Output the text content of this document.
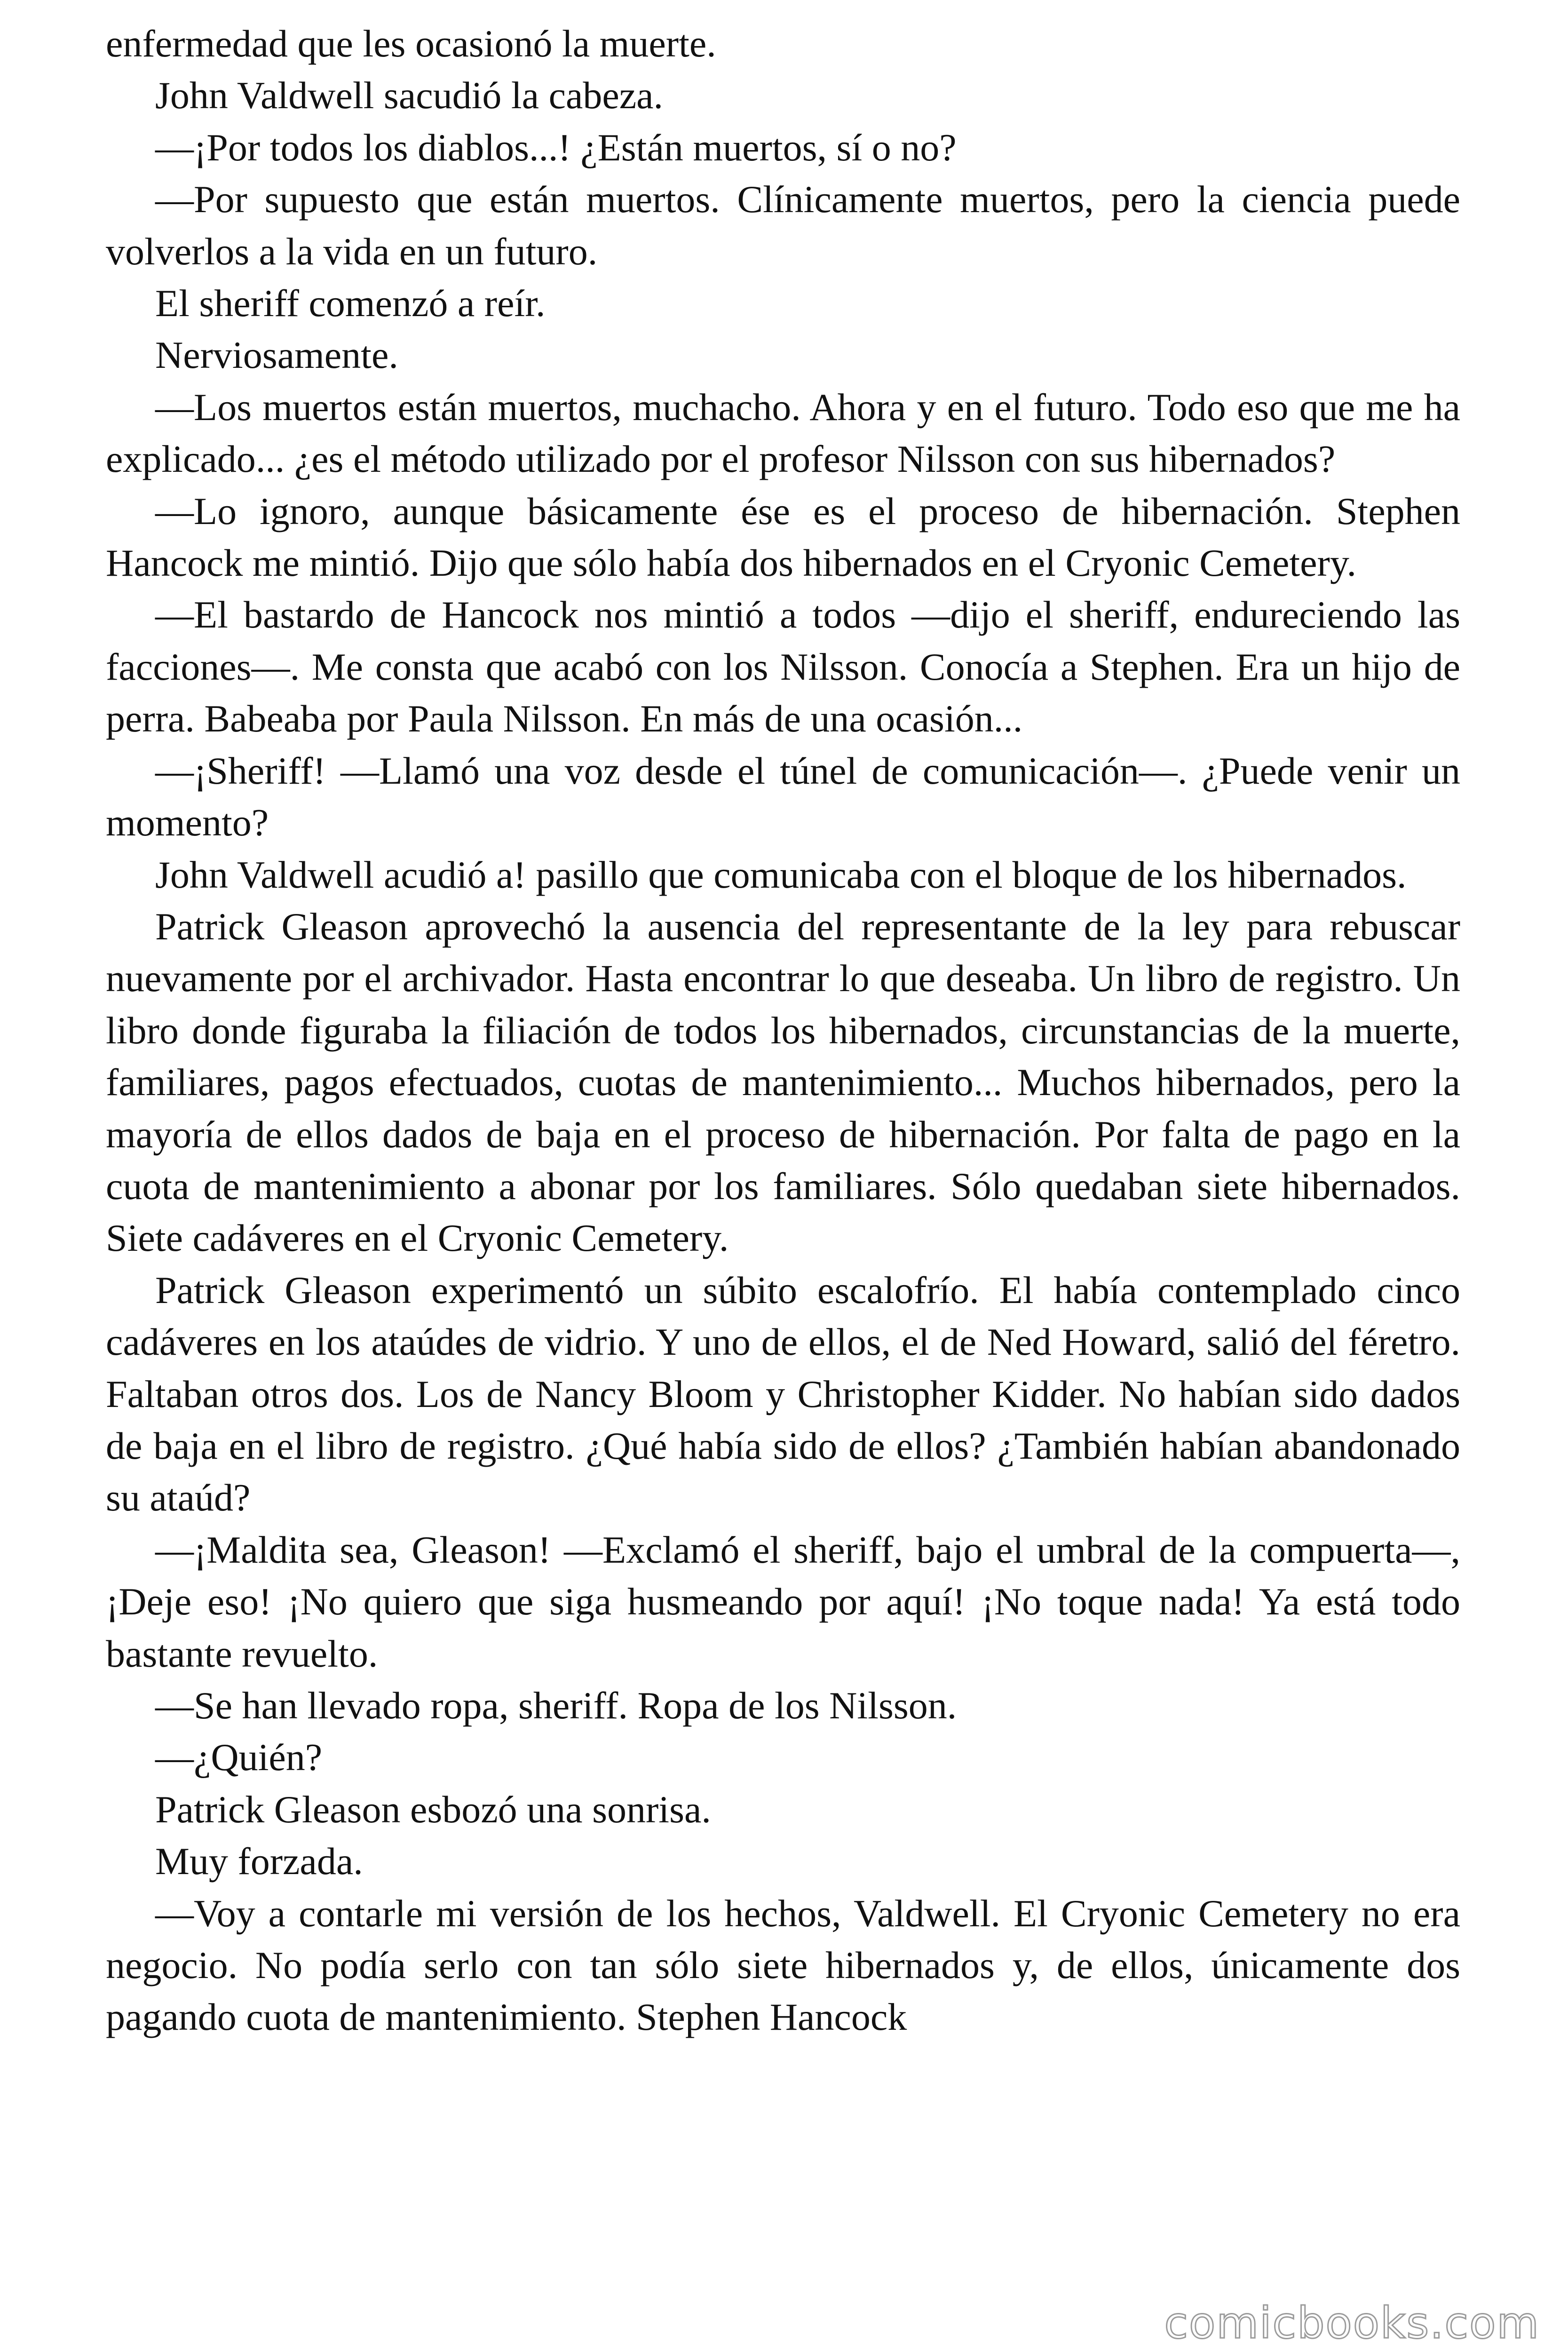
enfermedad que les ocasionó la muerte.

John Valdwell sacudió la cabeza.

—¡Por todos los diablos...! ¿Están muertos, sí o no?

—Por supuesto que están muertos. Clínicamente muertos, pero la ciencia puede volverlos a la vida en un futuro.

El sheriff comenzó a reír.

Nerviosamente.

—Los muertos están muertos, muchacho. Ahora y en el futuro. Todo eso que me ha explicado... ¿es el método utilizado por el profesor Nilsson con sus hibernados?

—Lo ignoro, aunque básicamente ése es el proceso de hibernación. Stephen Hancock me mintió. Dijo que sólo había dos hibernados en el Cryonic Cemetery.

—El bastardo de Hancock nos mintió a todos —dijo el sheriff, endureciendo las facciones—. Me consta que acabó con los Nilsson. Conocía a Stephen. Era un hijo de perra. Babeaba por Paula Nilsson. En más de una ocasión...

—¡Sheriff! —Llamó una voz desde el túnel de comunicación—. ¿Puede venir un momento?

John Valdwell acudió a! pasillo que comunicaba con el bloque de los hibernados.

Patrick Gleason aprovechó la ausencia del representante de la ley para rebuscar nuevamente por el archivador. Hasta encontrar lo que deseaba. Un libro de registro. Un libro donde figuraba la filiación de todos los hibernados, circunstancias de la muerte, familiares, pagos efectuados, cuotas de mantenimiento... Muchos hibernados, pero la mayoría de ellos dados de baja en el proceso de hibernación. Por falta de pago en la cuota de mantenimiento a abonar por los familiares. Sólo quedaban siete hibernados. Siete cadáveres en el Cryonic Cemetery.

Patrick Gleason experimentó un súbito escalofrío. El había contemplado cinco cadáveres en los ataúdes de vidrio. Y uno de ellos, el de Ned Howard, salió del féretro. Faltaban otros dos. Los de Nancy Bloom y Christopher Kidder. No habían sido dados de baja en el libro de registro. ¿Qué había sido de ellos? ¿También habían abandonado su ataúd?

—¡Maldita sea, Gleason! —Exclamó el sheriff, bajo el umbral de la compuerta—, ¡Deje eso! ¡No quiero que siga husmeando por aquí! ¡No toque nada! Ya está todo bastante revuelto.

—Se han llevado ropa, sheriff. Ropa de los Nilsson.

—¿Quién?

Patrick Gleason esbozó una sonrisa.

Muy forzada.

—Voy a contarle mi versión de los hechos, Valdwell. El Cryonic Cemetery no era negocio. No podía serlo con tan sólo siete hibernados y, de ellos, únicamente dos pagando cuota de mantenimiento. Stephen Hancock

comicbooks.com
